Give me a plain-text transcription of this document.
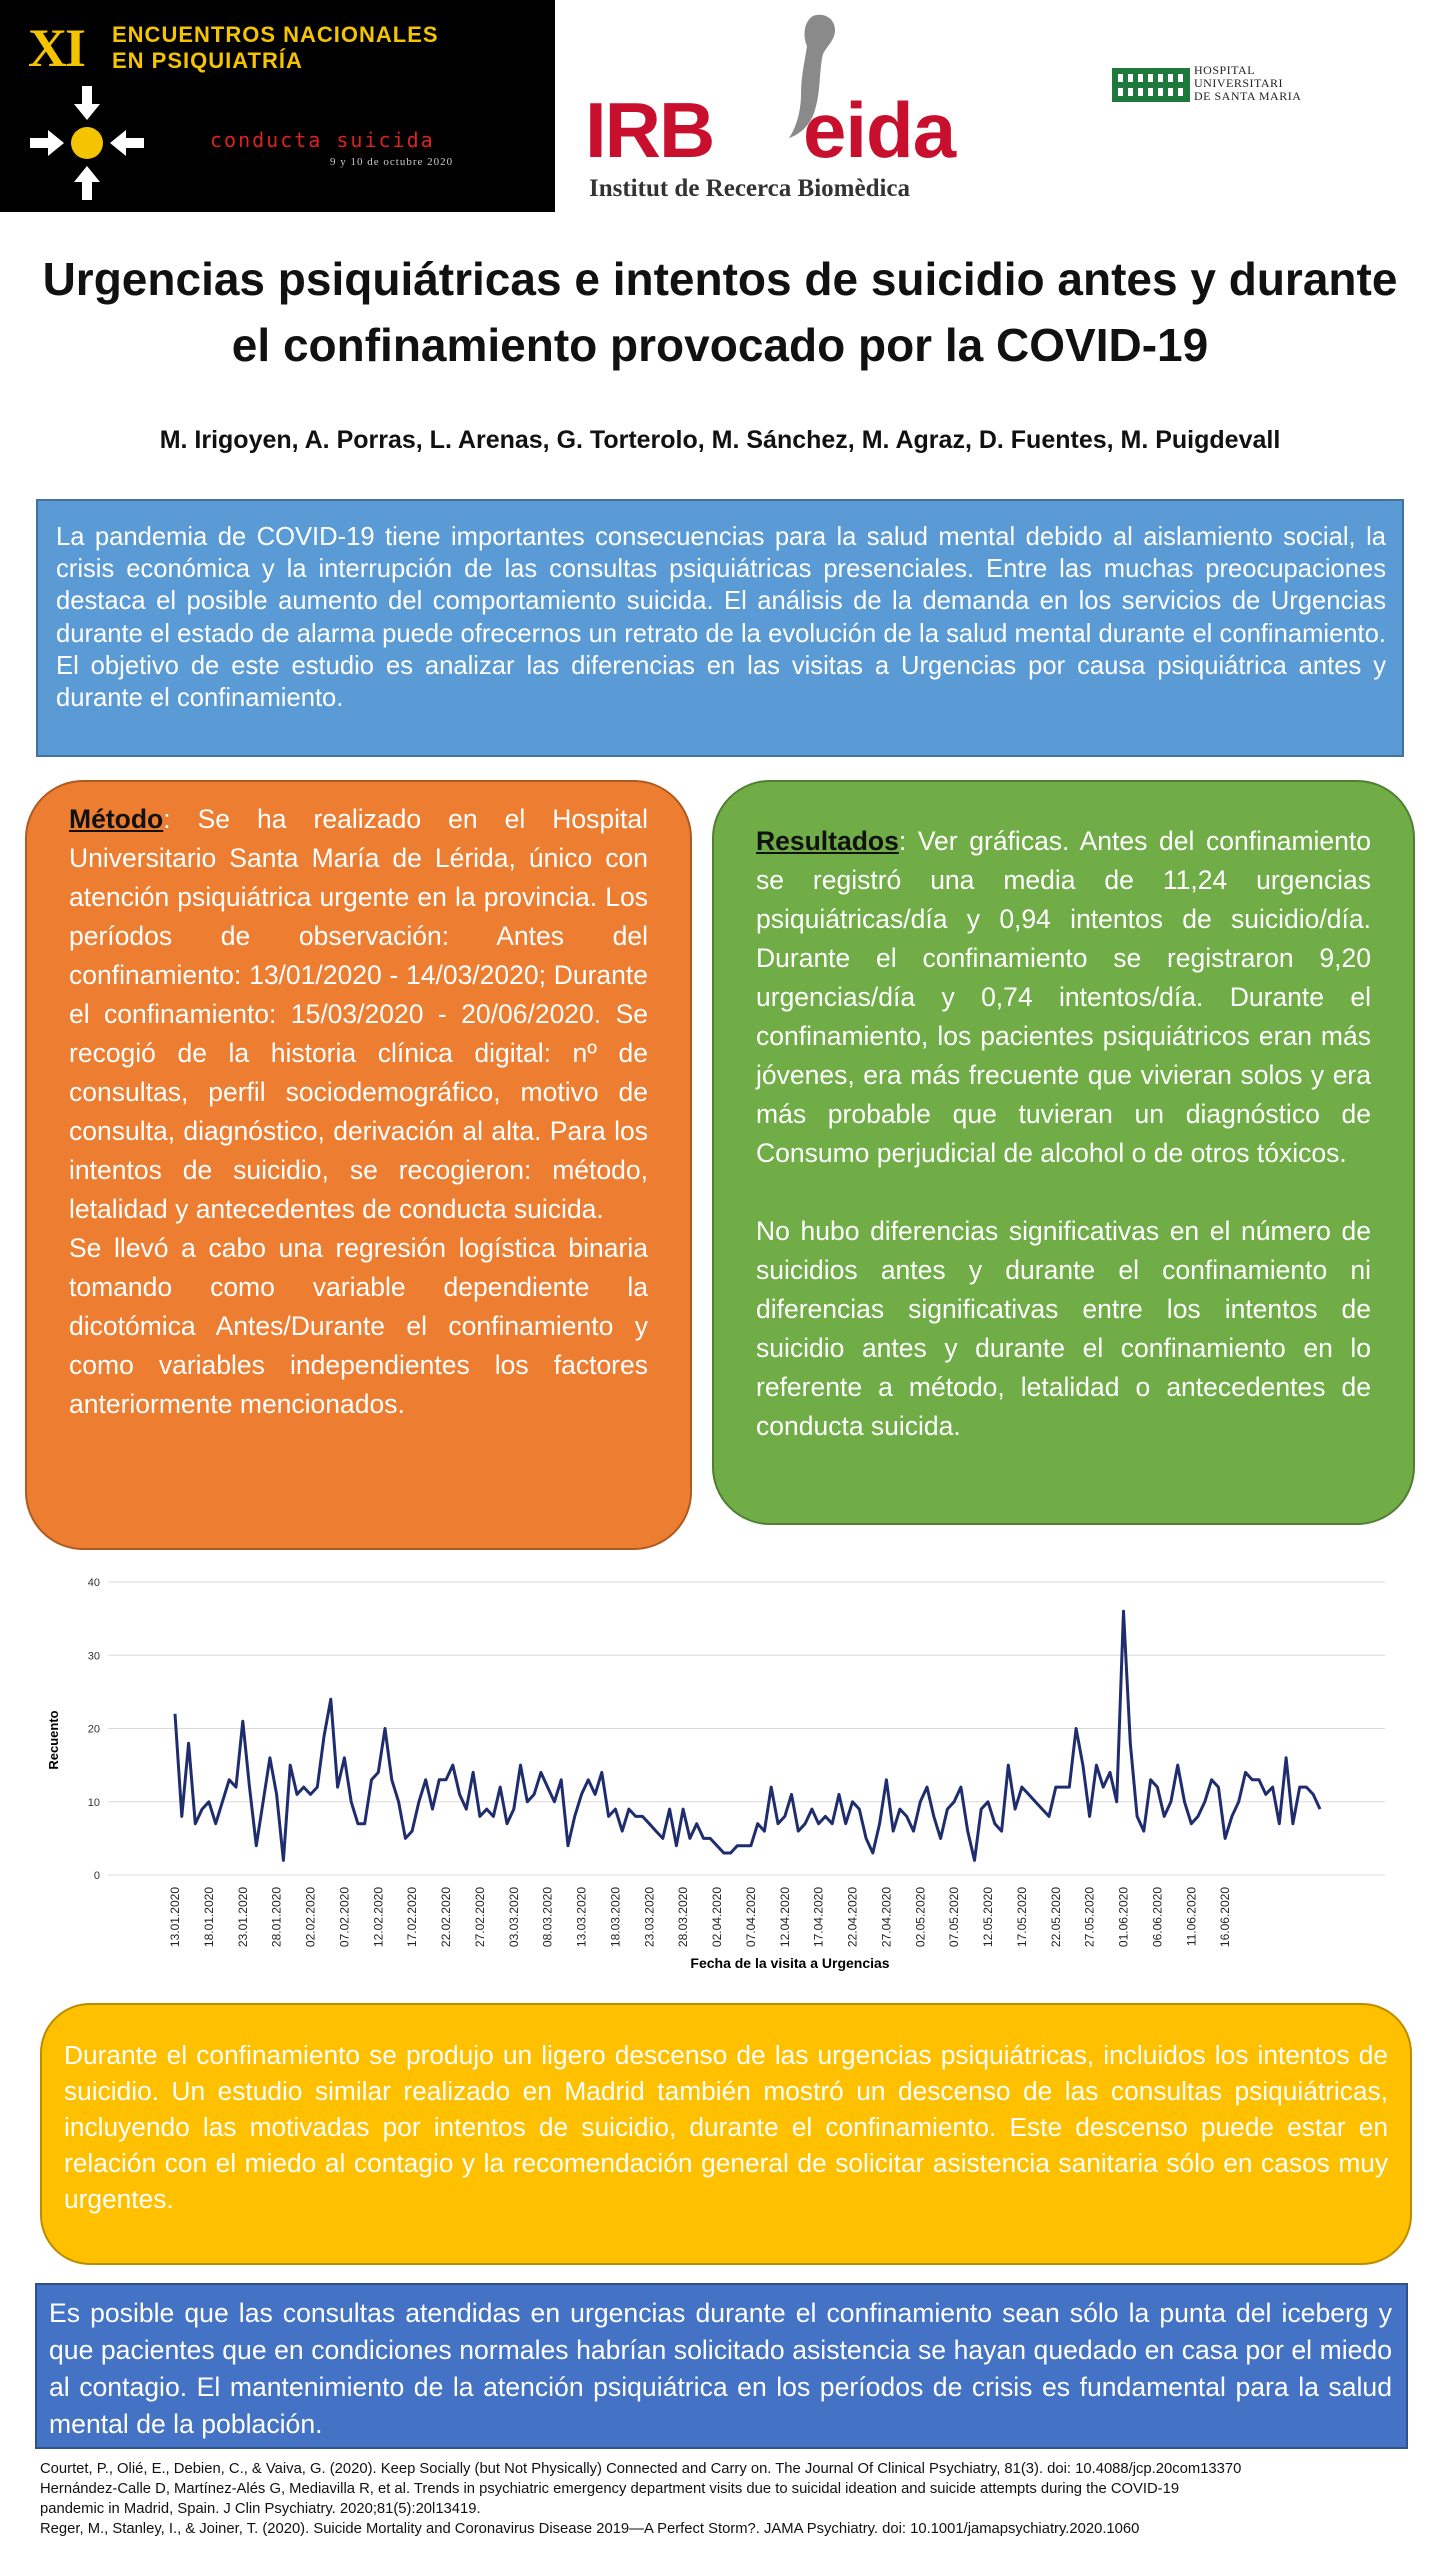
XI ENCUENTROS NACIONALES
EN PSIQUIATRÍA
conducta suicida
9 y 10 de octubre 2020 IRB eida
Institut de Recerca Biomèdica
HOSPITAL
UNIVERSITARI
DE SANTA MARIA
Urgencias psiquiátricas e intentos de suicidio antes y durante el confinamiento provocado por la COVID-19

M. Irigoyen, A. Porras, L. Arenas, G. Torterolo, M. Sánchez, M. Agraz, D. Fuentes, M. Puigdevall

La pandemia de COVID-19 tiene importantes consecuencias para la salud mental debido al aislamiento social, la crisis económica y la interrupción de las consultas psiquiátricas presenciales. Entre las muchas preocupaciones destaca el posible aumento del comportamiento suicida. El análisis de la demanda en los servicios de Urgencias durante el estado de alarma puede ofrecernos un retrato de la evolución de la salud mental durante el confinamiento. El objetivo de este estudio es analizar las diferencias en las visitas a Urgencias por causa psiquiátrica antes y durante el confinamiento.

Método: Se ha realizado en el Hospital Universitario Santa María de Lérida, único con atención psiquiátrica urgente en la provincia. Los períodos de observación: Antes del confinamiento: 13/01/2020 - 14/03/2020; Durante el confinamiento: 15/03/2020 - 20/06/2020. Se recogió de la historia clínica digital: nº de consultas, perfil sociodemográfico, motivo de consulta, diagnóstico, derivación al alta. Para los intentos de suicidio, se recogieron: método, letalidad y antecedentes de conducta suicida.

Se llevó a cabo una regresión logística binaria tomando como variable dependiente la dicotómica Antes/Durante el confinamiento y como variables independientes los factores anteriormente mencionados.

Resultados: Ver gráficas. Antes del confinamiento se registró una media de 11,24 urgencias psiquiátricas/día y 0,94 intentos de suicidio/día. Durante el confinamiento se registraron 9,20 urgencias/día y 0,74 intentos/día. Durante el confinamiento, los pacientes psiquiátricos eran más jóvenes, era más frecuente que vivieran solos y era más probable que tuvieran un diagnóstico de Consumo perjudicial de alcohol o de otros tóxicos.

No hubo diferencias significativas en el número de suicidios antes y durante el confinamiento ni diferencias significativas entre los intentos de suicidio antes y durante el confinamiento en lo referente a método, letalidad o antecedentes de conducta suicida.

0
10
20
30
40
13.01.2020 18.01.2020 23.01.2020 28.01.2020 02.02.2020 07.02.2020 12.02.2020 17.02.2020 22.02.2020 27.02.2020 03.03.2020 08.03.2020 13.03.2020 18.03.2020 23.03.2020 28.03.2020 02.04.2020 07.04.2020 12.04.2020 17.04.2020 22.04.2020 27.04.2020 02.05.2020 07.05.2020 12.05.2020 17.05.2020 22.05.2020 27.05.2020 01.06.2020 06.06.2020 11.06.2020 16.06.2020
Recuento
Fecha de la visita a Urgencias
Durante el confinamiento se produjo un ligero descenso de las urgencias psiquiátricas, incluidos los intentos de suicidio. Un estudio similar realizado en Madrid también mostró un descenso de las consultas psiquiátricas, incluyendo las motivadas por intentos de suicidio, durante el confinamiento. Este descenso puede estar en relación con el miedo al contagio y la recomendación general de solicitar asistencia sanitaria sólo en casos muy urgentes.
Es posible que las consultas atendidas en urgencias durante el confinamiento sean sólo la punta del iceberg y que pacientes que en condiciones normales habrían solicitado asistencia se hayan quedado en casa por el miedo al contagio. El mantenimiento de la atención psiquiátrica en los períodos de crisis es fundamental para la salud mental de la población.
Courtet, P., Olié, E., Debien, C., & Vaiva, G. (2020). Keep Socially (but Not Physically) Connected and Carry on. The Journal Of Clinical Psychiatry, 81(3). doi: 10.4088/jcp.20com13370
Hernández-Calle D, Martínez-Alés G, Mediavilla R, et al. Trends in psychiatric emergency department visits due to suicidal ideation and suicide attempts during the COVID-19
pandemic in Madrid, Spain. J Clin Psychiatry. 2020;81(5):20l13419.
Reger, M., Stanley, I., & Joiner, T. (2020). Suicide Mortality and Coronavirus Disease 2019—A Perfect Storm?. JAMA Psychiatry. doi: 10.1001/jamapsychiatry.2020.1060
